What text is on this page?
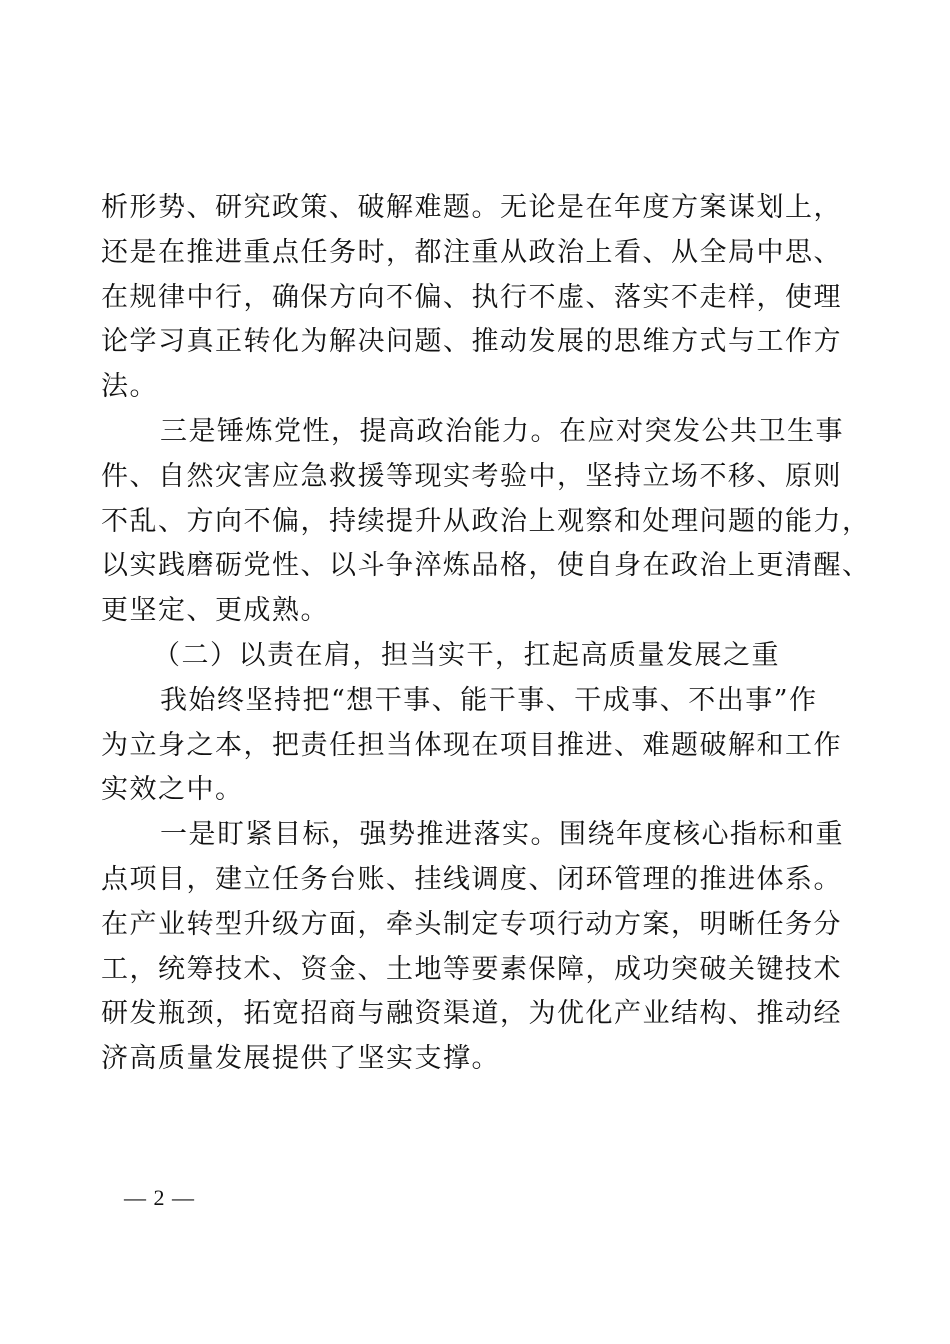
析形势、研究政策、破解难题。无论是在年度方案谋划上，
还是在推进重点任务时，都注重从政治上看、从全局中思、
在规律中行，确保方向不偏、执行不虚、落实不走样，使理
论学习真正转化为解决问题、推动发展的思维方式与工作方
法。
三是锤炼党性，提高政治能力。在应对突发公共卫生事
件、自然灾害应急救援等现实考验中，坚持立场不移、原则
不乱、方向不偏，持续提升从政治上观察和处理问题的能力，
以实践磨砺党性、以斗争淬炼品格，使自身在政治上更清醒、
更坚定、更成熟。
（二）以责在肩，担当实干，扛起高质量发展之重
我始终坚持把“想干事、能干事、干成事、不出事”作
为立身之本，把责任担当体现在项目推进、难题破解和工作
实效之中。
一是盯紧目标，强势推进落实。围绕年度核心指标和重
点项目，建立任务台账、挂线调度、闭环管理的推进体系。
在产业转型升级方面，牵头制定专项行动方案，明晰任务分
工，统筹技术、资金、土地等要素保障，成功突破关键技术
研发瓶颈，拓宽招商与融资渠道，为优化产业结构、推动经
济高质量发展提供了坚实支撑。
— 2 —
